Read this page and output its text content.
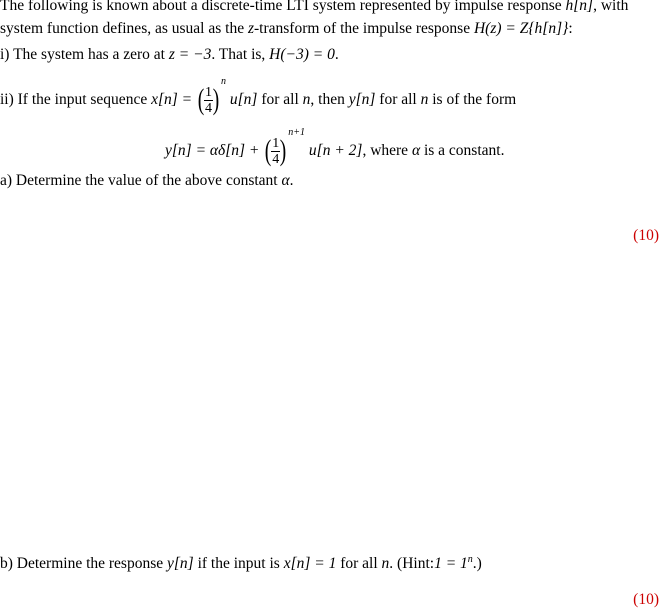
The following is known about a discrete-time LTI system represented by impulse response h[n], with
system function defines, as usual as the z-transform of the impulse response H(z) = Z{h[n]}:
i) The system has a zero at z = −3. That is, H(−3) = 0.
ii) If the input sequence x[n] = ( $\frac{1}{4} )^n$ u[n] for all n, then y[n] for all n is of the form
y[n] = αδ[n] + ( $\frac{1}{4} )^{n+1}$ u[n + 2], where α is a constant.
a) Determine the value of the above constant α.
(10)
b) Determine the response y[n] if the input is x[n] = 1 for all n. (Hint:1 = $1^n$.)
(10)
